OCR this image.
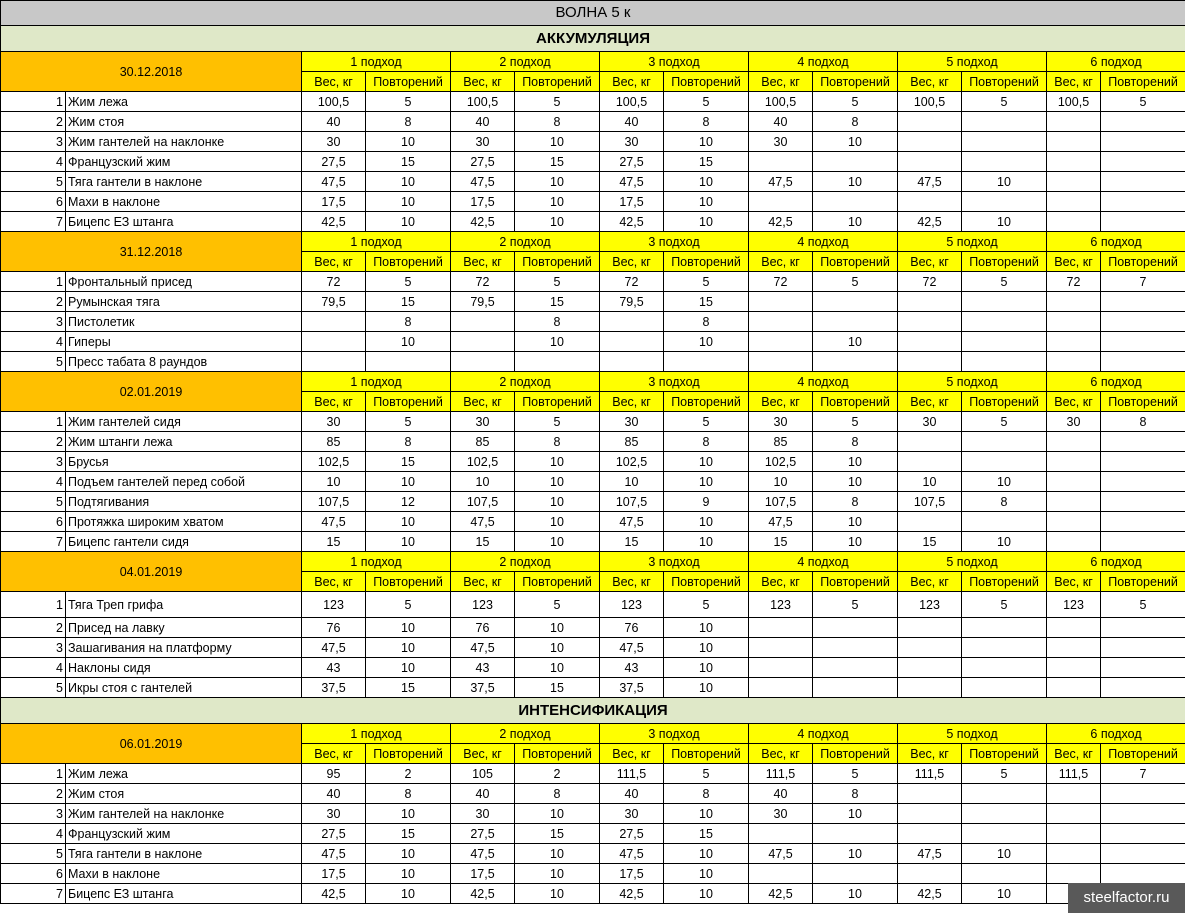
ВОЛНА 5 к													
АККУМУЛЯЦИЯ													
30.12.2018		1 подход		2 подход		3 подход		4 подход		5 подход		6 подход	
		Вес, кг	Повторений	Вес, кг	Повторений	Вес, кг	Повторений	Вес, кг	Повторений	Вес, кг	Повторений	Вес, кг	Повторений
1	Жим лежа	100,5	5	100,5	5	100,5	5	100,5	5	100,5	5	100,5	5
2	Жим стоя	40	8	40	8	40	8	40	8				
3	Жим гантелей на наклонке	30	10	30	10	30	10	30	10				
4	Французский жим	27,5	15	27,5	15	27,5	15						
5	Тяга гантели в наклоне	47,5	10	47,5	10	47,5	10	47,5	10	47,5	10		
6	Махи в наклоне	17,5	10	17,5	10	17,5	10						
7	Бицепс ЕЗ штанга	42,5	10	42,5	10	42,5	10	42,5	10	42,5	10		
31.12.2018		1 подход		2 подход		3 подход		4 подход		5 подход		6 подход	
		Вес, кг	Повторений	Вес, кг	Повторений	Вес, кг	Повторений	Вес, кг	Повторений	Вес, кг	Повторений	Вес, кг	Повторений
1	Фронтальный присед	72	5	72	5	72	5	72	5	72	5	72	7
2	Румынская тяга	79,5	15	79,5	15	79,5	15						
3	Пистолетик		8		8		8						
4	Гиперы		10		10		10		10				
5	Пресс табата 8 раундов												
02.01.2019		1 подход		2 подход		3 подход		4 подход		5 подход		6 подход	
		Вес, кг	Повторений	Вес, кг	Повторений	Вес, кг	Повторений	Вес, кг	Повторений	Вес, кг	Повторений	Вес, кг	Повторений
1	Жим гантелей сидя	30	5	30	5	30	5	30	5	30	5	30	8
2	Жим штанги лежа	85	8	85	8	85	8	85	8				
3	Брусья	102,5	15	102,5	10	102,5	10	102,5	10				
4	Подъем гантелей перед собой	10	10	10	10	10	10	10	10	10	10		
5	Подтягивания	107,5	12	107,5	10	107,5	9	107,5	8	107,5	8		
6	Протяжка широким хватом	47,5	10	47,5	10	47,5	10	47,5	10				
7	Бицепс гантели сидя	15	10	15	10	15	10	15	10	15	10		
04.01.2019		1 подход		2 подход		3 подход		4 подход		5 подход		6 подход	
		Вес, кг	Повторений	Вес, кг	Повторений	Вес, кг	Повторений	Вес, кг	Повторений	Вес, кг	Повторений	Вес, кг	Повторений
1	Тяга Треп грифа	123	5	123	5	123	5	123	5	123	5	123	5
2	Присед на лавку	76	10	76	10	76	10						
3	Зашагивания на платформу	47,5	10	47,5	10	47,5	10						
4	Наклоны сидя	43	10	43	10	43	10						
5	Икры стоя с гантелей	37,5	15	37,5	15	37,5	10						
ИНТЕНСИФИКАЦИЯ													
06.01.2019		1 подход		2 подход		3 подход		4 подход		5 подход		6 подход	
		Вес, кг	Повторений	Вес, кг	Повторений	Вес, кг	Повторений	Вес, кг	Повторений	Вес, кг	Повторений	Вес, кг	Повторений
1	Жим лежа	95	2	105	2	111,5	5	111,5	5	111,5	5	111,5	7
2	Жим стоя	40	8	40	8	40	8	40	8				
3	Жим гантелей на наклонке	30	10	30	10	30	10	30	10				
4	Французский жим	27,5	15	27,5	15	27,5	15						
5	Тяга гантели в наклоне	47,5	10	47,5	10	47,5	10	47,5	10	47,5	10		
6	Махи в наклоне	17,5	10	17,5	10	17,5	10						
7	Бицепс ЕЗ штанга	42,5	10	42,5	10	42,5	10	42,5	10	42,5	10			steelfactor.ru
